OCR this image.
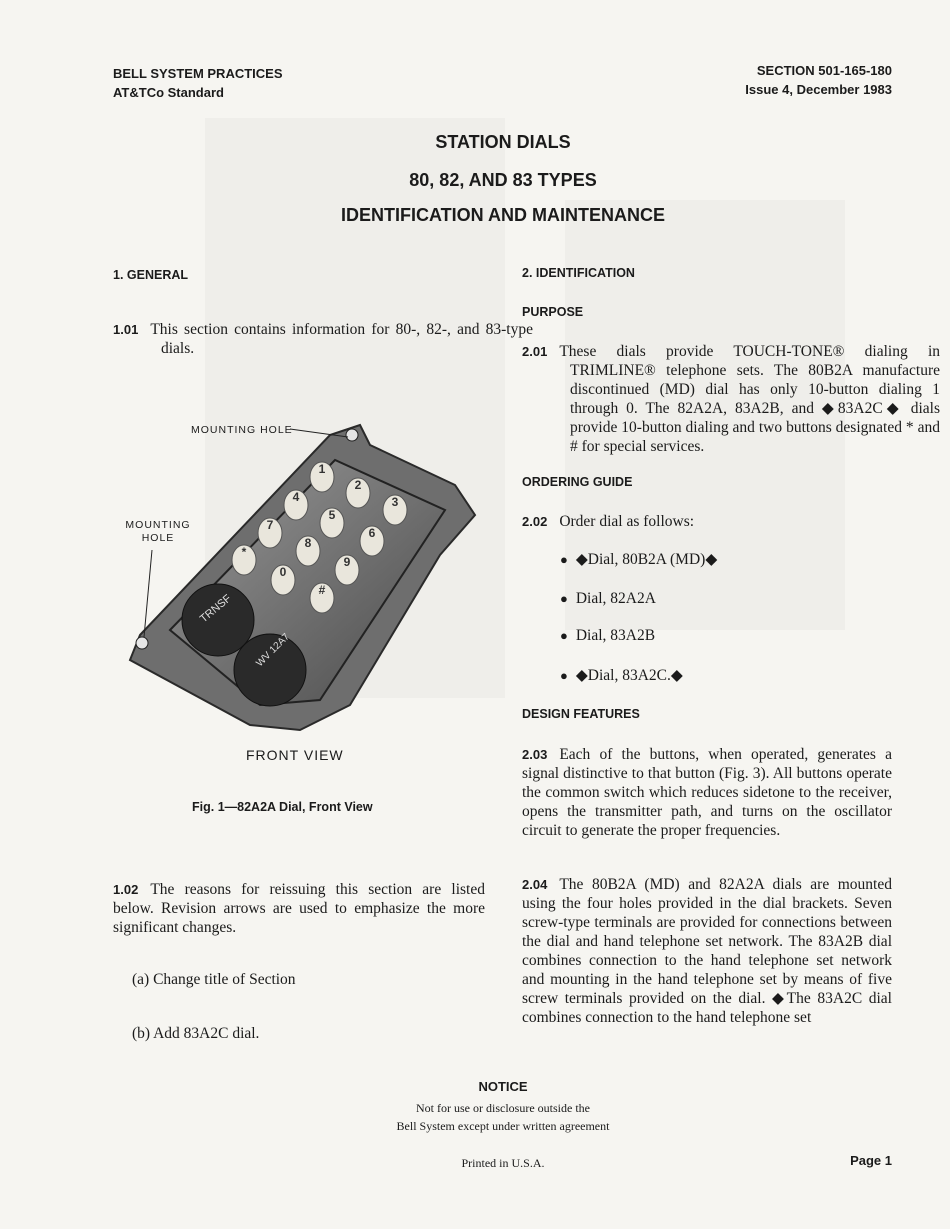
BELL SYSTEM PRACTICES
AT&TCo Standard
SECTION 501-165-180
Issue 4, December 1983
STATION DIALS
80, 82, AND 83 TYPES
IDENTIFICATION AND MAINTENANCE
1. GENERAL
1.01 This section contains information for 80-, 82-, and 83-type dials.
TRNSF
WV 12A7
1
2
3
4
5
6
7
8
9
*
0
#
MOUNTING HOLE
MOUNTING HOLE
FRONT VIEW
Fig. 1—82A2A Dial, Front View
1.02 The reasons for reissuing this section are listed below. Revision arrows are used to emphasize the more significant changes.
(a) Change title of Section
(b) Add 83A2C dial.
2. IDENTIFICATION
PURPOSE
2.01 These dials provide TOUCH-TONE® dialing in TRIMLINE® telephone sets. The 80B2A manufacture discontinued (MD) dial has only 10-button dialing 1 through 0. The 82A2A, 83A2B, and ◆83A2C◆ dials provide 10-button dialing and two buttons designated * and # for special services.
ORDERING GUIDE
2.02 Order dial as follows:
● ◆Dial, 80B2A (MD)◆
● Dial, 82A2A
● Dial, 83A2B
● ◆Dial, 83A2C.◆
DESIGN FEATURES
2.03 Each of the buttons, when operated, generates a signal distinctive to that button (Fig. 3). All buttons operate the common switch which reduces sidetone to the receiver, opens the transmitter path, and turns on the oscillator circuit to generate the proper frequencies.
2.04 The 80B2A (MD) and 82A2A dials are mounted using the four holes provided in the dial brackets. Seven screw-type terminals are provided for connections between the dial and hand telephone set network. The 83A2B dial combines connection to the hand telephone set network and mounting in the hand telephone set by means of five screw terminals provided on the dial. ◆The 83A2C dial combines connection to the hand telephone set
NOTICE
Not for use or disclosure outside the
Bell System except under written agreement
Printed in U.S.A.	Page 1
